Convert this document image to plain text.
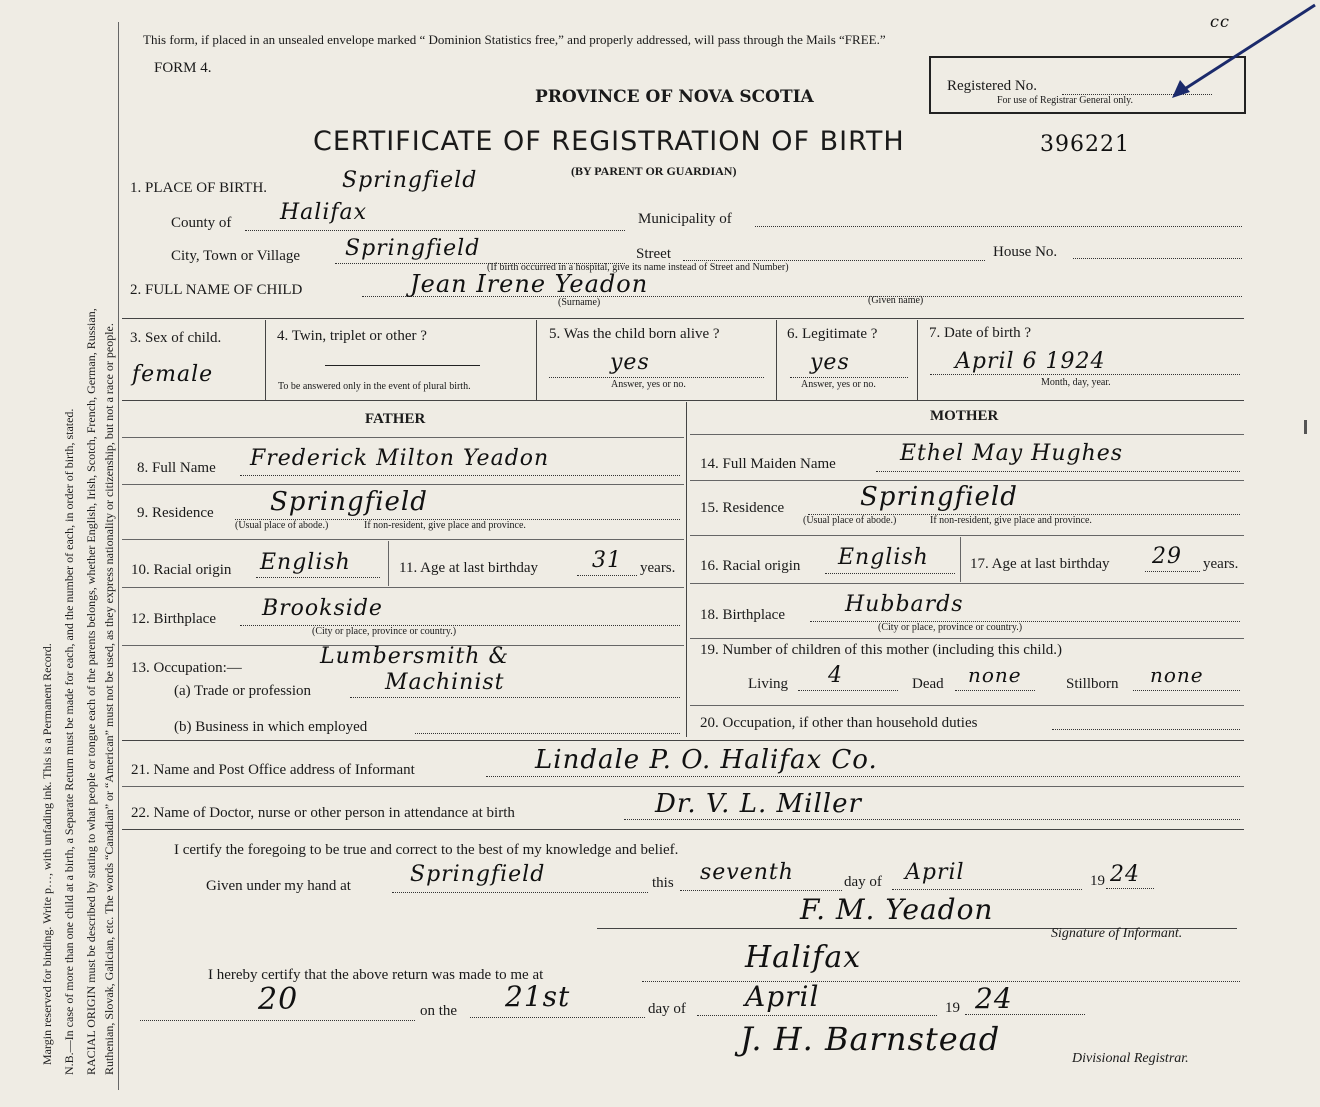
Margin reserved for binding. Write p…, with unfading ink. This is a Permanent Record. N.B.—In case of more than one child at a birth, a Separate Return must be made for each, and the number of each, in order of birth, stated. RACIAL ORIGIN must be described by stating to what people or tongue each of the parents belongs, whether English, Irish, Scotch, French, German, Russian, Ruthenian, Slovak, Galician, etc. The words “Canadian” or “American” must not be used, as they express nationality or citizenship, but not a race or people.
This form, if placed in an unsealed envelope marked “ Dominion Statistics free,” and properly addressed, will pass through the Mails “FREE.”
FORM 4.
Registered No.
For use of Registrar General only.
PROVINCE OF NOVA SCOTIA
CERTIFICATE OF REGISTRATION OF BIRTH	396221
(BY PARENT OR GUARDIAN)
cc
1. PLACE OF BIRTH.	Springfield
County of Halifax	Municipality of
City, Town or Village Springfield	Street	House No.
(If birth occurred in a hospital, give its name instead of Street and Number)
2. FULL NAME OF CHILD	Jean Irene Yeadon
(Surname)	(Given name)
3. Sex of child.
female
4. Twin, triplet or other ?
To be answered only in the event of plural birth.
5. Was the child born alive ?
yes
Answer, yes or no.
6. Legitimate ?
yes
Answer, yes or no.
7. Date of birth ?
April 6 1924
Month, day, year.
FATHER	MOTHER
8. Full Name Frederick Milton Yeadon
9. Residence Springfield
(Usual place of abode.)	If non-resident, give place and province.
10. Racial origin English	11. Age at last birthday 31 years.
12. Birthplace Brookside
(City or place, province or country.)
13. Occupation:—	Lumbersmith &
(a) Trade or profession	Machinist
(b) Business in which employed
14. Full Maiden Name	Ethel May Hughes
15. Residence	Springfield
(Usual place of abode.)	If non-resident, give place and province.
16. Racial origin English	17. Age at last birthday 29 years.
18. Birthplace	Hubbards
(City or place, province or country.)
19. Number of children of this mother (including this child.)
Living 4	Dead none	Stillborn none
20. Occupation, if other than household duties
21. Name and Post Office address of Informant	Lindale P. O. Halifax Co.
22. Name of Doctor, nurse or other person in attendance at birth	Dr. V. L. Miller
I certify the foregoing to be true and correct to the best of my knowledge and belief.
Given under my hand at	Springfield	this seventh	day of April	19 24
F. M. Yeadon
Signature of Informant.
I hereby certify that the above return was made to me at	Halifax
20	on the 21st	day of April	19 24
J. H. Barnstead
Divisional Registrar.
